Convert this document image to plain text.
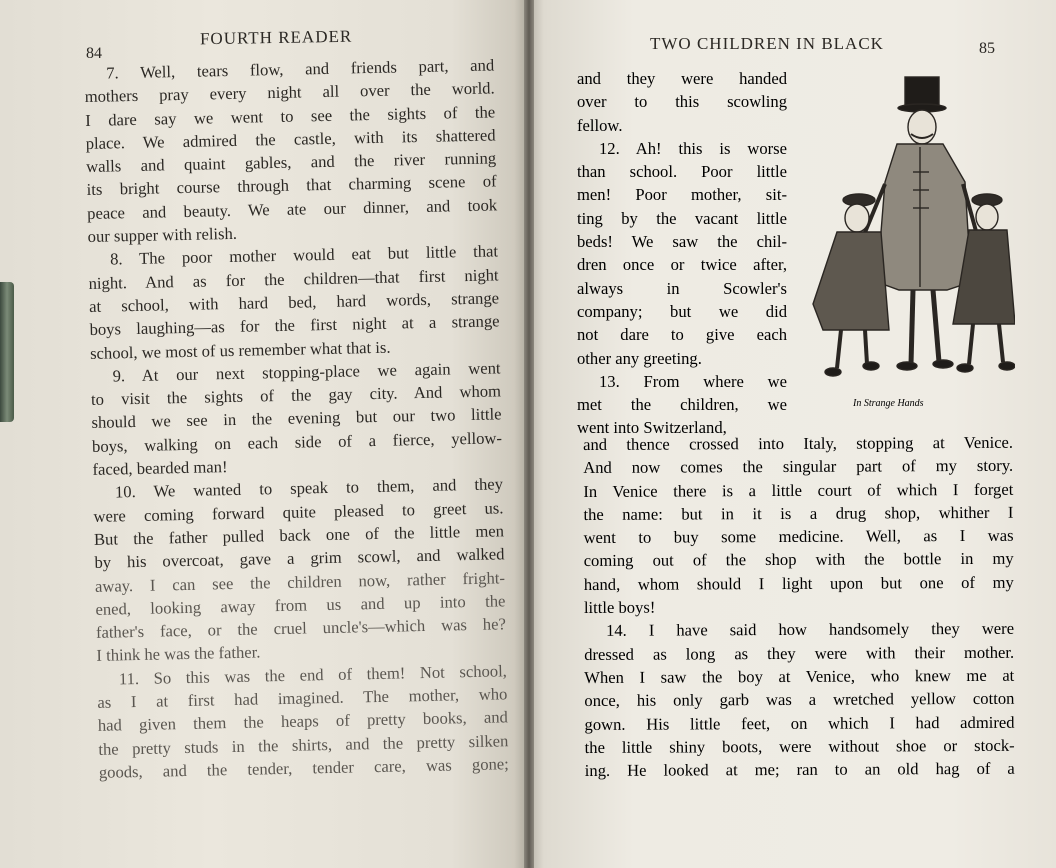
84
FOURTH READER
7. Well, tears flow, and friends part, and
mothers pray every night all over the world.
I dare say we went to see the sights of the
place. We admired the castle, with its shattered
walls and quaint gables, and the river running
its bright course through that charming scene of
peace and beauty. We ate our dinner, and took
our supper with relish.
8. The poor mother would eat but little that
night. And as for the children—that first night
at school, with hard bed, hard words, strange
boys laughing—as for the first night at a strange
school, we most of us remember what that is.
9. At our next stopping-place we again went
to visit the sights of the gay city. And whom
should we see in the evening but our two little
boys, walking on each side of a fierce, yellow-
faced, bearded man!
10. We wanted to speak to them, and they
were coming forward quite pleased to greet us.
But the father pulled back one of the little men
by his overcoat, gave a grim scowl, and walked
away. I can see the children now, rather fright-
ened, looking away from us and up into the
father's face, or the cruel uncle's—which was he?
I think he was the father.
11. So this was the end of them! Not school,
as I at first had imagined. The mother, who
had given them the heaps of pretty books, and
the pretty studs in the shirts, and the pretty silken
goods, and the tender, tender care, was gone;
TWO CHILDREN IN BLACK	85
and they were handed
over to this scowling
fellow.
12. Ah! this is worse
than school. Poor little
men! Poor mother, sit-
ting by the vacant little
beds! We saw the chil-
dren once or twice after,
always in Scowler's
company; but we did
not dare to give each
other any greeting.
13. From where we
met the children, we
went into Switzerland,
In Strange Hands
and thence crossed into Italy, stopping at Venice.
And now comes the singular part of my story.
In Venice there is a little court of which I forget
the name: but in it is a drug shop, whither I
went to buy some medicine. Well, as I was
coming out of the shop with the bottle in my
hand, whom should I light upon but one of my
little boys!
14. I have said how handsomely they were
dressed as long as they were with their mother.
When I saw the boy at Venice, who knew me at
once, his only garb was a wretched yellow cotton
gown. His little feet, on which I had admired
the little shiny boots, were without shoe or stock-
ing. He looked at me; ran to an old hag of a
